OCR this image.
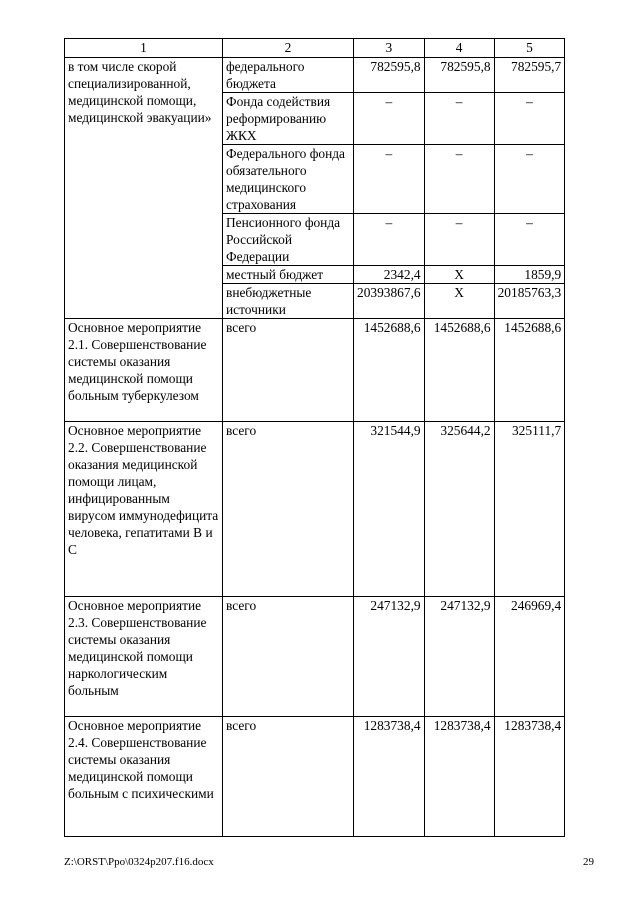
1	2	3	4	5
в том числе скорой специализированной, медицинской помощи, медицинской эвакуации»	федерального бюджета	782595,8	782595,8	782595,7
	Фонда содействия реформированию ЖКХ	–	–	–
	Федерального фонда обязательного медицинского страхования	–	–	–
	Пенсионного фонда Российской Федерации	–	–	–
	местный бюджет	2342,4	Х	1859,9
	внебюджетные источники	20393867,6	Х	20185763,3
Основное мероприятие 2.1. Совершенствование системы оказания медицинской помощи больным туберкулезом	всего	1452688,6	1452688,6	1452688,6
Основное мероприятие 2.2. Совершенствование оказания медицинской помощи лицам, инфицированным вирусом иммунодефицита человека, гепатитами В и С	всего	321544,9	325644,2	325111,7
Основное мероприятие 2.3. Совершенствование системы оказания медицинской помощи наркологическим больным	всего	247132,9	247132,9	246969,4
Основное мероприятие 2.4. Совершенствование системы оказания медицинской помощи больным с психическими	всего	1283738,4	1283738,4	1283738,4
Z:\ORST\Ppo\0324p207.f16.docx	29
